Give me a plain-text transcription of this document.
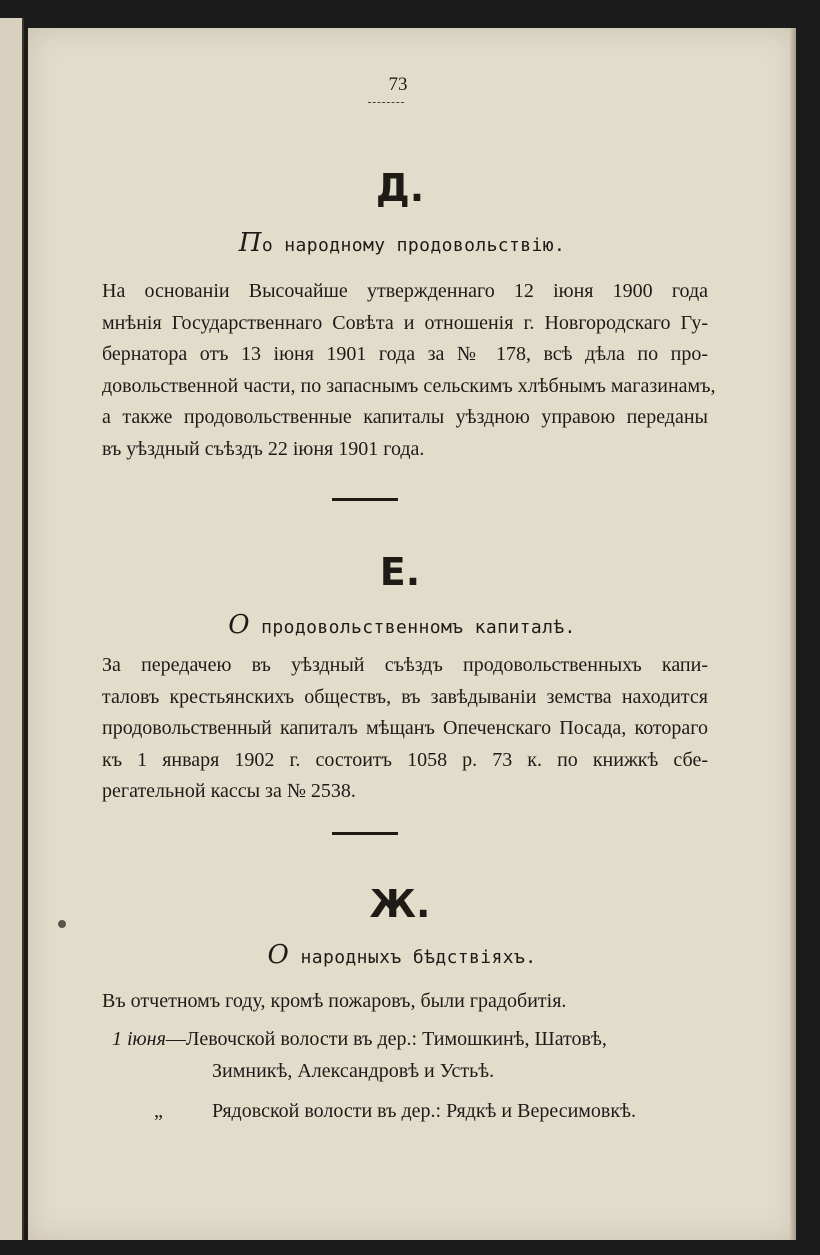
73
Д.
По народному продовольствію.
На основаніи Высочайше утвержденнаго 12 іюня 1900 года
мнѣнія Государственнаго Совѣта и отношенія г. Новгородскаго Гу-
бернатора отъ 13 іюня 1901 года за № 178, всѣ дѣла по про-
довольственной части, по запаснымъ сельскимъ хлѣбнымъ магазинамъ,
а также продовольственные капиталы уѣздною управою переданы
въ уѣздный съѣздъ 22 іюня 1901 года.
Е.
О продовольственномъ капиталѣ.
За передачею въ уѣздный съѣздъ продовольственныхъ капи-
таловъ крестьянскихъ обществъ, въ завѣдываніи земства находится
продовольственный капиталъ мѣщанъ Опеченскаго Посада, котораго
къ 1 января 1902 г. состоитъ 1058 р. 73 к. по книжкѣ сбе-
регательной кассы за № 2538.
Ж.
О народныхъ бѣдствіяхъ.
Въ отчетномъ году, кромѣ пожаровъ, были градобитія.
1 іюня—Левочской волости въ дер.: Тимошкинѣ, Шатовѣ,
Зимникѣ, Александровѣ и Устьѣ.
„ Рядовской волости въ дер.: Рядкѣ и Вересимовкѣ.
